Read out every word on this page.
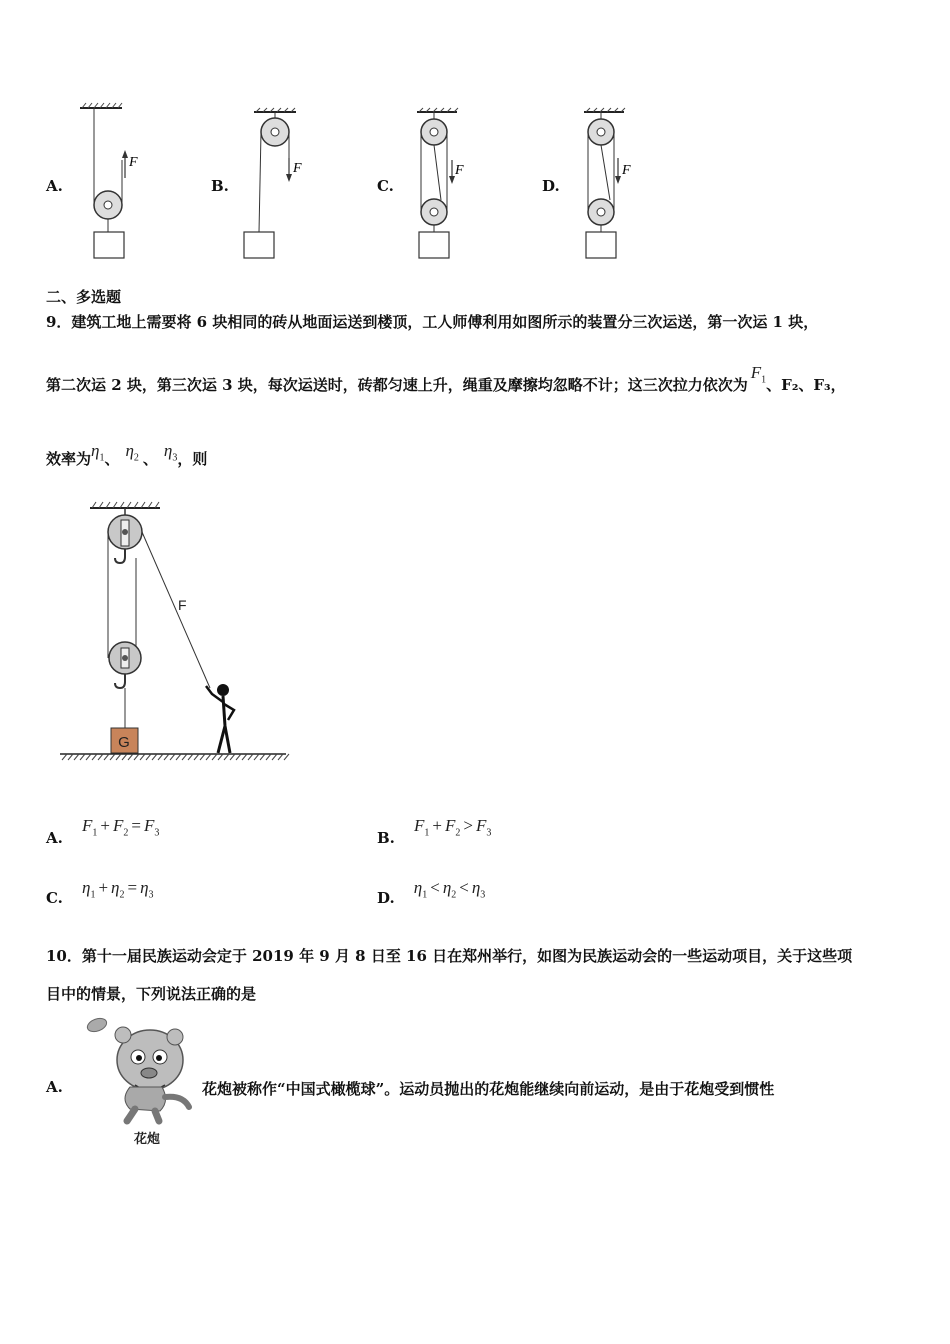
A.	B.	C.	D.
F	F	F	F
二、多选题
9．建筑工地上需要将 6 块相同的砖从地面运送到楼顶，工人师傅利用如图所示的装置分三次运送，第一次运 1 块，
第二次运 2 块，第三次运 3 块，每次运送时，砖都匀速上升，绳重及摩擦均忽略不计；这三次拉力依次为$F_1$、F₂、F₃，
效率为$\eta_1$、 $\eta_2$ 、 $\eta_3$，则
G
F
A. $F_1 + F_2 = F_3$	B. $F_1 + F_2 > F_3$
C. $\eta_1 + \eta_2 = \eta_3$	D. $\eta_1 < \eta_2 < \eta_3$
10．第十一届民族运动会定于 2019 年 9 月 8 日至 16 日在郑州举行，如图为民族运动会的一些运动项目，关于这些项
目中的情景，下列说法正确的是
A.
花炮
花炮被称作“中国式橄榄球”。运动员抛出的花炮能继续向前运动，是由于花炮受到惯性
